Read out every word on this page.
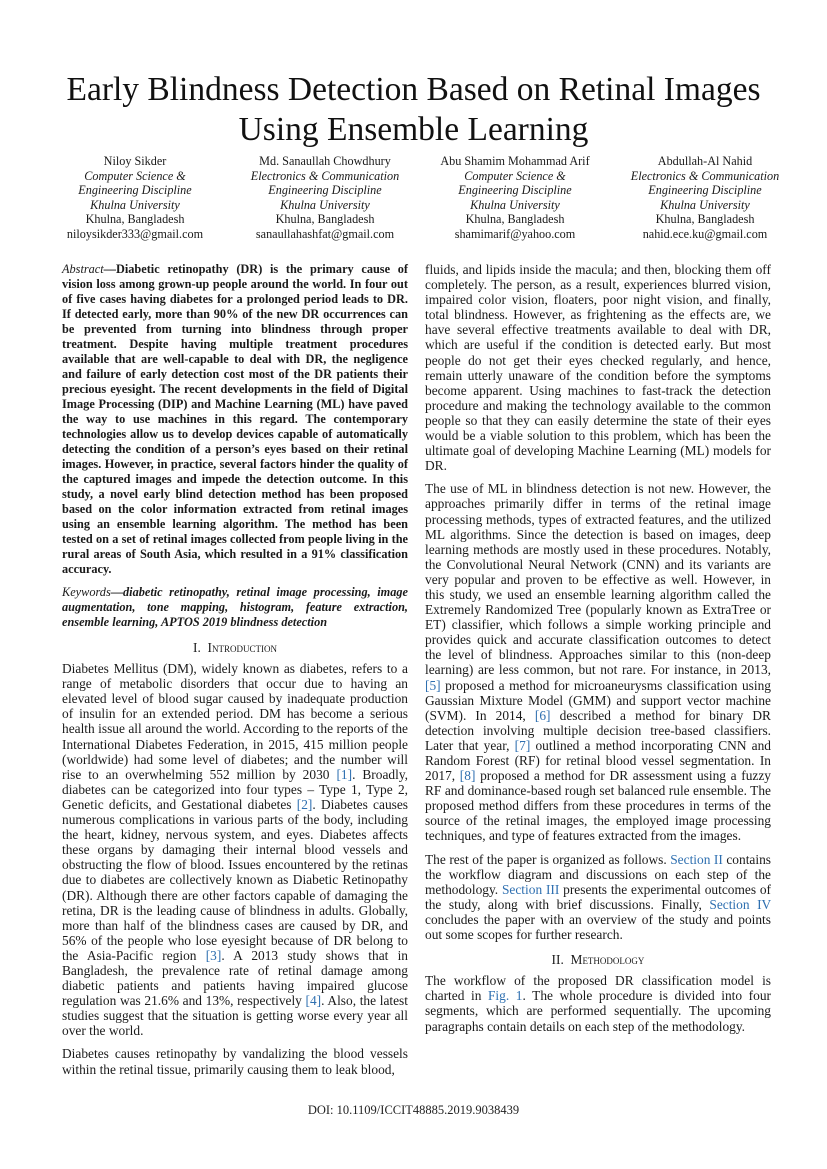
Early Blindness Detection Based on Retinal Images
Using Ensemble Learning
Niloy Sikder
Computer Science &
Engineering Discipline
Khulna University
Khulna, Bangladesh
niloysikder333@gmail.com
Md. Sanaullah Chowdhury
Electronics & Communication
Engineering Discipline
Khulna University
Khulna, Bangladesh
sanaullahashfat@gmail.com
Abu Shamim Mohammad Arif
Computer Science &
Engineering Discipline
Khulna University
Khulna, Bangladesh
shamimarif@yahoo.com
Abdullah-Al Nahid
Electronics & Communication
Engineering Discipline
Khulna University
Khulna, Bangladesh
nahid.ece.ku@gmail.com

Abstract—Diabetic retinopathy (DR) is the primary cause of vision loss among grown-up people around the world. In four out of five cases having diabetes for a prolonged period leads to DR. If detected early, more than 90% of the new DR occurrences can be prevented from turning into blindness through proper treatment. Despite having multiple treatment procedures available that are well-capable to deal with DR, the negligence and failure of early detection cost most of the DR patients their precious eyesight. The recent developments in the field of Digital Image Processing (DIP) and Machine Learning (ML) have paved the way to use machines in this regard. The contemporary technologies allow us to develop devices capable of automatically detecting the condition of a person’s eyes based on their retinal images. However, in practice, several factors hinder the quality of the captured images and impede the detection outcome. In this study, a novel early blind detection method has been proposed based on the color information extracted from retinal images using an ensemble learning algorithm. The method has been tested on a set of retinal images collected from people living in the rural areas of South Asia, which resulted in a 91% classification accuracy.

Keywords—diabetic retinopathy, retinal image processing, image augmentation, tone mapping, histogram, feature extraction, ensemble learning, APTOS 2019 blindness detection

I. Introduction

Diabetes Mellitus (DM), widely known as diabetes, refers to a range of metabolic disorders that occur due to having an elevated level of blood sugar caused by inadequate production of insulin for an extended period. DM has become a serious health issue all around the world. According to the reports of the International Diabetes Federation, in 2015, 415 million people (worldwide) had some level of diabetes; and the number will rise to an overwhelming 552 million by 2030 [1]. Broadly, diabetes can be categorized into four types – Type 1, Type 2, Genetic deficits, and Gestational diabetes [2]. Diabetes causes numerous complications in various parts of the body, including the heart, kidney, nervous system, and eyes. Diabetes affects these organs by damaging their internal blood vessels and obstructing the flow of blood. Issues encountered by the retinas due to diabetes are collectively known as Diabetic Retinopathy (DR). Although there are other factors capable of damaging the retina, DR is the leading cause of blindness in adults. Globally, more than half of the blindness cases are caused by DR, and 56% of the people who lose eyesight because of DR belong to the Asia-Pacific region [3]. A 2013 study shows that in Bangladesh, the prevalence rate of retinal damage among diabetic patients and patients having impaired glucose regulation was 21.6% and 13%, respectively [4]. Also, the latest studies suggest that the situation is getting worse every year all over the world.

Diabetes causes retinopathy by vandalizing the blood vessels within the retinal tissue, primarily causing them to leak blood,

fluids, and lipids inside the macula; and then, blocking them off completely. The person, as a result, experiences blurred vision, impaired color vision, floaters, poor night vision, and finally, total blindness. However, as frightening as the effects are, we have several effective treatments available to deal with DR, which are useful if the condition is detected early. But most people do not get their eyes checked regularly, and hence, remain utterly unaware of the condition before the symptoms become apparent. Using machines to fast-track the detection procedure and making the technology available to the common people so that they can easily determine the state of their eyes would be a viable solution to this problem, which has been the ultimate goal of developing Machine Learning (ML) models for DR.

The use of ML in blindness detection is not new. However, the approaches primarily differ in terms of the retinal image processing methods, types of extracted features, and the utilized ML algorithms. Since the detection is based on images, deep learning methods are mostly used in these procedures. Notably, the Convolutional Neural Network (CNN) and its variants are very popular and proven to be effective as well. However, in this study, we used an ensemble learning algorithm called the Extremely Randomized Tree (popularly known as ExtraTree or ET) classifier, which follows a simple working principle and provides quick and accurate classification outcomes to detect the level of blindness. Approaches similar to this (non-deep learning) are less common, but not rare. For instance, in 2013, [5] proposed a method for microaneurysms classification using Gaussian Mixture Model (GMM) and support vector machine (SVM). In 2014, [6] described a method for binary DR detection involving multiple decision tree-based classifiers. Later that year, [7] outlined a method incorporating CNN and Random Forest (RF) for retinal blood vessel segmentation. In 2017, [8] proposed a method for DR assessment using a fuzzy RF and dominance-based rough set balanced rule ensemble. The proposed method differs from these procedures in terms of the source of the retinal images, the employed image processing techniques, and type of features extracted from the images.

The rest of the paper is organized as follows. Section II contains the workflow diagram and discussions on each step of the methodology. Section III presents the experimental outcomes of the study, along with brief discussions. Finally, Section IV concludes the paper with an overview of the study and points out some scopes for further research.

II. Methodology

The workflow of the proposed DR classification model is charted in Fig. 1. The whole procedure is divided into four segments, which are performed sequentially. The upcoming paragraphs contain details on each step of the methodology.

DOI: 10.1109/ICCIT48885.2019.9038439
